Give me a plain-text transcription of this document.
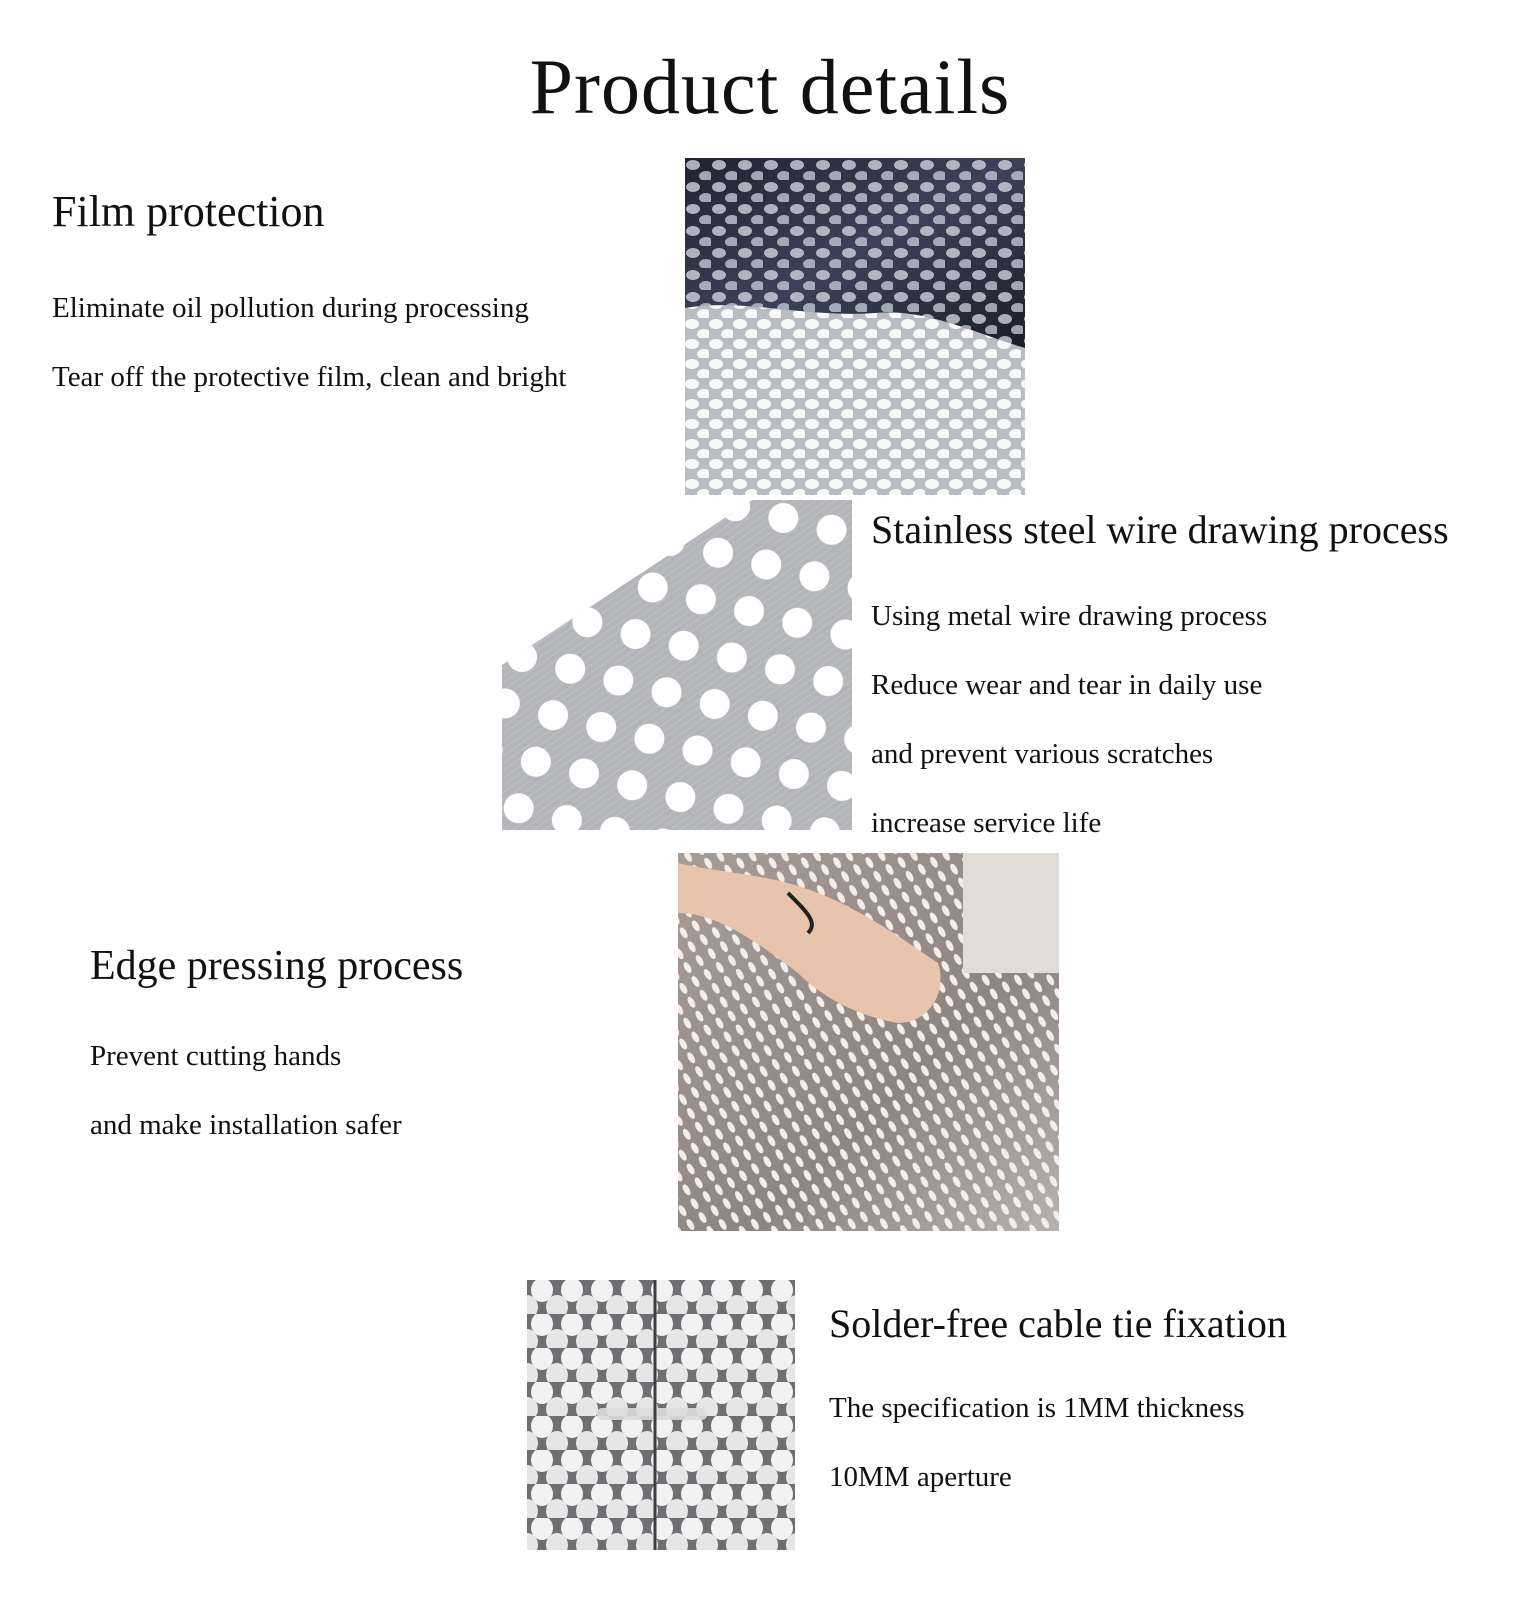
Product details
Film protection

Eliminate oil pollution during processing

Tear off the protective film, clean and bright

Stainless steel wire drawing process

Using metal wire drawing process

Reduce wear and tear in daily use

and prevent various scratches

increase service life

Edge pressing process

Prevent cutting hands

and make installation safer

Solder-free cable tie fixation

The specification is 1MM thickness

10MM aperture
